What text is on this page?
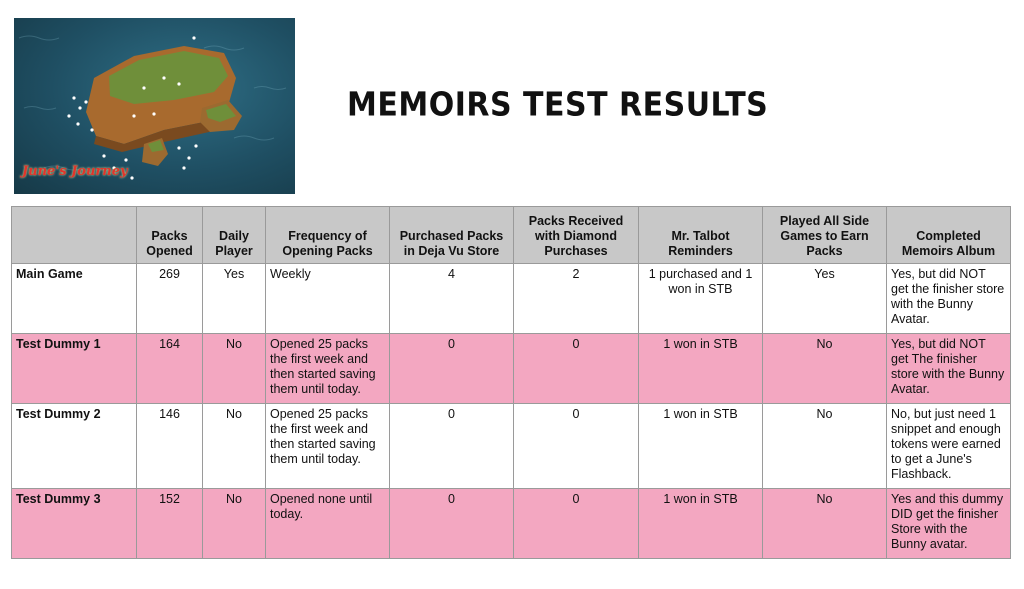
June's Journey
MEMOIRS TEST RESULTS
	Packs Opened	Daily Player	Frequency of Opening Packs	Purchased Packs in Deja Vu Store	Packs Received with Diamond Purchases	Mr. Talbot Reminders	Played All Side Games to Earn Packs	Completed Memoirs Album
Main Game	269	Yes	Weekly	4	2	1 purchased and 1 won in STB	Yes	Yes, but did NOT get the finisher store with the Bunny Avatar.
Test Dummy 1	164	No	Opened 25 packs the first week and then started saving them until today.	0	0	1 won in STB	No	Yes, but did NOT get The finisher store with the Bunny Avatar.
Test Dummy 2	146	No	Opened 25 packs the first week and then started saving them until today.	0	0	1 won in STB	No	No, but just need 1 snippet and enough tokens were earned to get a June's Flashback.
Test Dummy 3	152	No	Opened none until today.	0	0	1 won in STB	No	Yes and this dummy DID get the finisher Store with the Bunny avatar.
